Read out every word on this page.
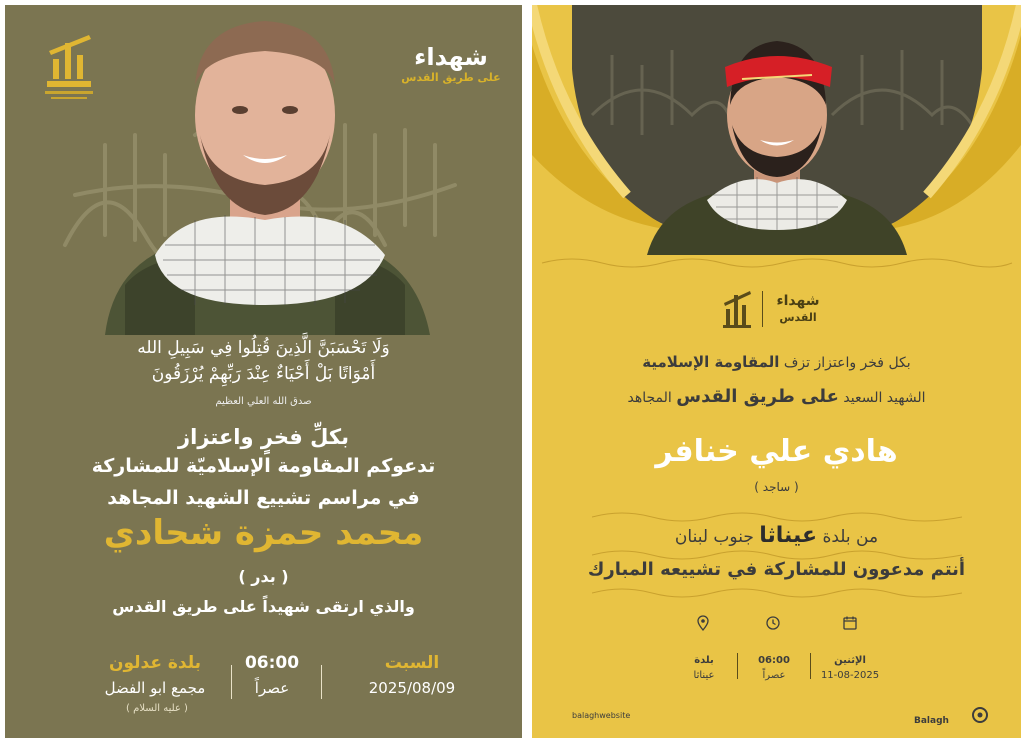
شهداء
على طريق القدس
وَلَا تَحْسَبَنَّ الَّذِينَ قُتِلُوا فِي سَبِيلِ الله
أَمْوَاتًا بَلْ أَحْيَاءٌ عِنْدَ رَبِّهِمْ يُرْزَقُونَ
صدق الله العلي العظيم
بكلِّ فخرٍ واعتزاز
تدعوكم المقاومة الإسلاميّة للمشاركة
في مراسم تشييع الشهيد المجاهد
محمد حمزة شحادي
( بدر )
والذي ارتقى شهيداً على طريق القدس
السبت
2025/08/09
06:00
عصراً
بلدة عدلون
مجمع ابو الفضل
( عليه السلام )
شهداء
القدس
بكل فخر واعتزاز تزف المقاومة الإسلامية
الشهيد السعيد على طريق القدس المجاهد
هادي علي خنافر
( ساجد )
من بلدة عيناثا جنوب لبنان
أنتم مدعوون للمشاركة في تشييعه المبارك
الإثنين
11-08-2025
06:00
عصراً
بلدة
عيناثا
balaghwebsite
Balagh
